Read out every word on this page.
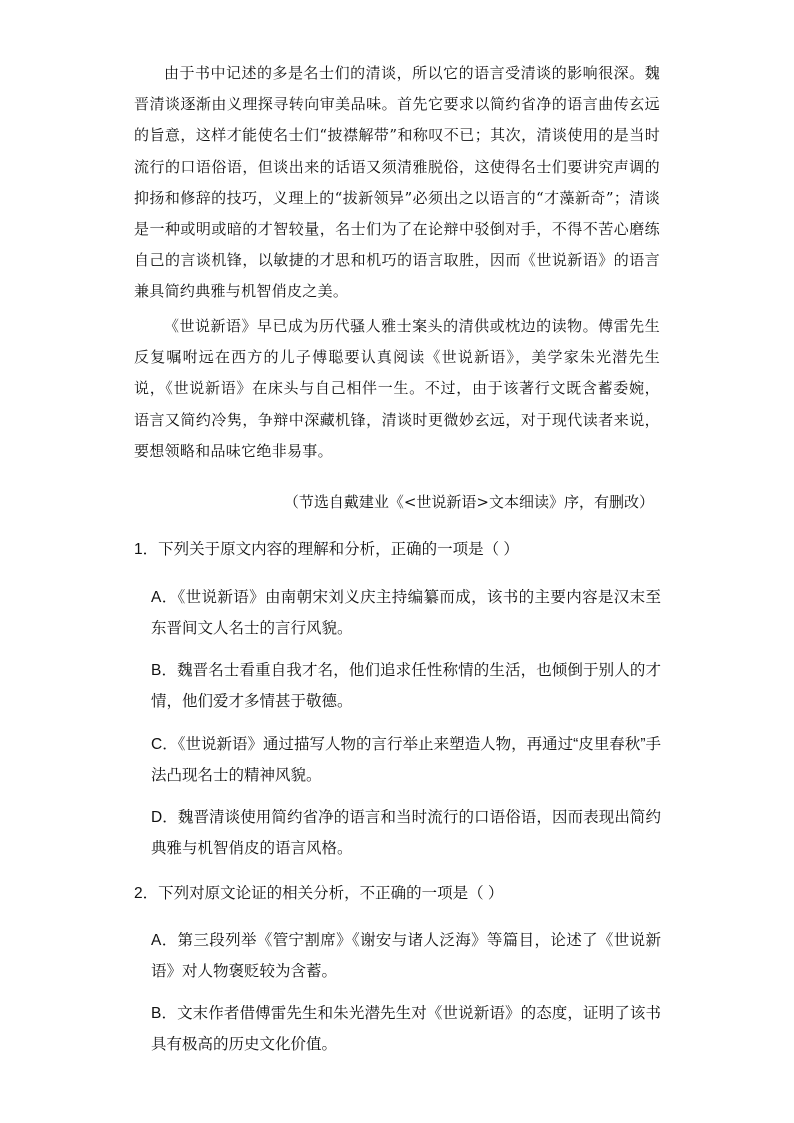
由于书中记述的多是名士们的清谈，所以它的语言受清谈的影响很深。魏晋清谈逐渐由义理探寻转向审美品味。首先它要求以简约省净的语言曲传玄远的旨意，这样才能使名士们“披襟解带”和称叹不已；其次，清谈使用的是当时流行的口语俗语，但谈出来的话语又须清雅脱俗，这使得名士们要讲究声调的抑扬和修辞的技巧，义理上的“拔新领异”必须出之以语言的“才藻新奇”；清谈是一种或明或暗的才智较量，名士们为了在论辩中驳倒对手，不得不苦心磨练自己的言谈机锋，以敏捷的才思和机巧的语言取胜，因而《世说新语》的语言兼具简约典雅与机智俏皮之美。

《世说新语》早已成为历代骚人雅士案头的清供或枕边的读物。傅雷先生反复嘱咐远在西方的儿子傅聪要认真阅读《世说新语》，美学家朱光潜先生说，《世说新语》在床头与自己相伴一生。不过，由于该著行文既含蓄委婉，语言又简约冷隽，争辩中深藏机锋，清谈时更微妙玄远，对于现代读者来说，要想领略和品味它绝非易事。

（节选自戴建业《<世说新语>文本细读》序，有删改）

1．下列关于原文内容的理解和分析，正确的一项是（ ）

A．《世说新语》由南朝宋刘义庆主持编纂而成，该书的主要内容是汉末至东晋间文人名士的言行风貌。

B．魏晋名士看重自我才名，他们追求任性称情的生活，也倾倒于别人的才情，他们爱才多情甚于敬德。

C．《世说新语》通过描写人物的言行举止来塑造人物，再通过“皮里春秋”手法凸现名士的精神风貌。

D．魏晋清谈使用简约省净的语言和当时流行的口语俗语，因而表现出简约典雅与机智俏皮的语言风格。

2．下列对原文论证的相关分析，不正确的一项是（ ）

A．第三段列举《管宁割席》《谢安与诸人泛海》等篇目，论述了《世说新语》对人物褒贬较为含蓄。

B．文末作者借傅雷先生和朱光潜先生对《世说新语》的态度，证明了该书具有极高的历史文化价值。
